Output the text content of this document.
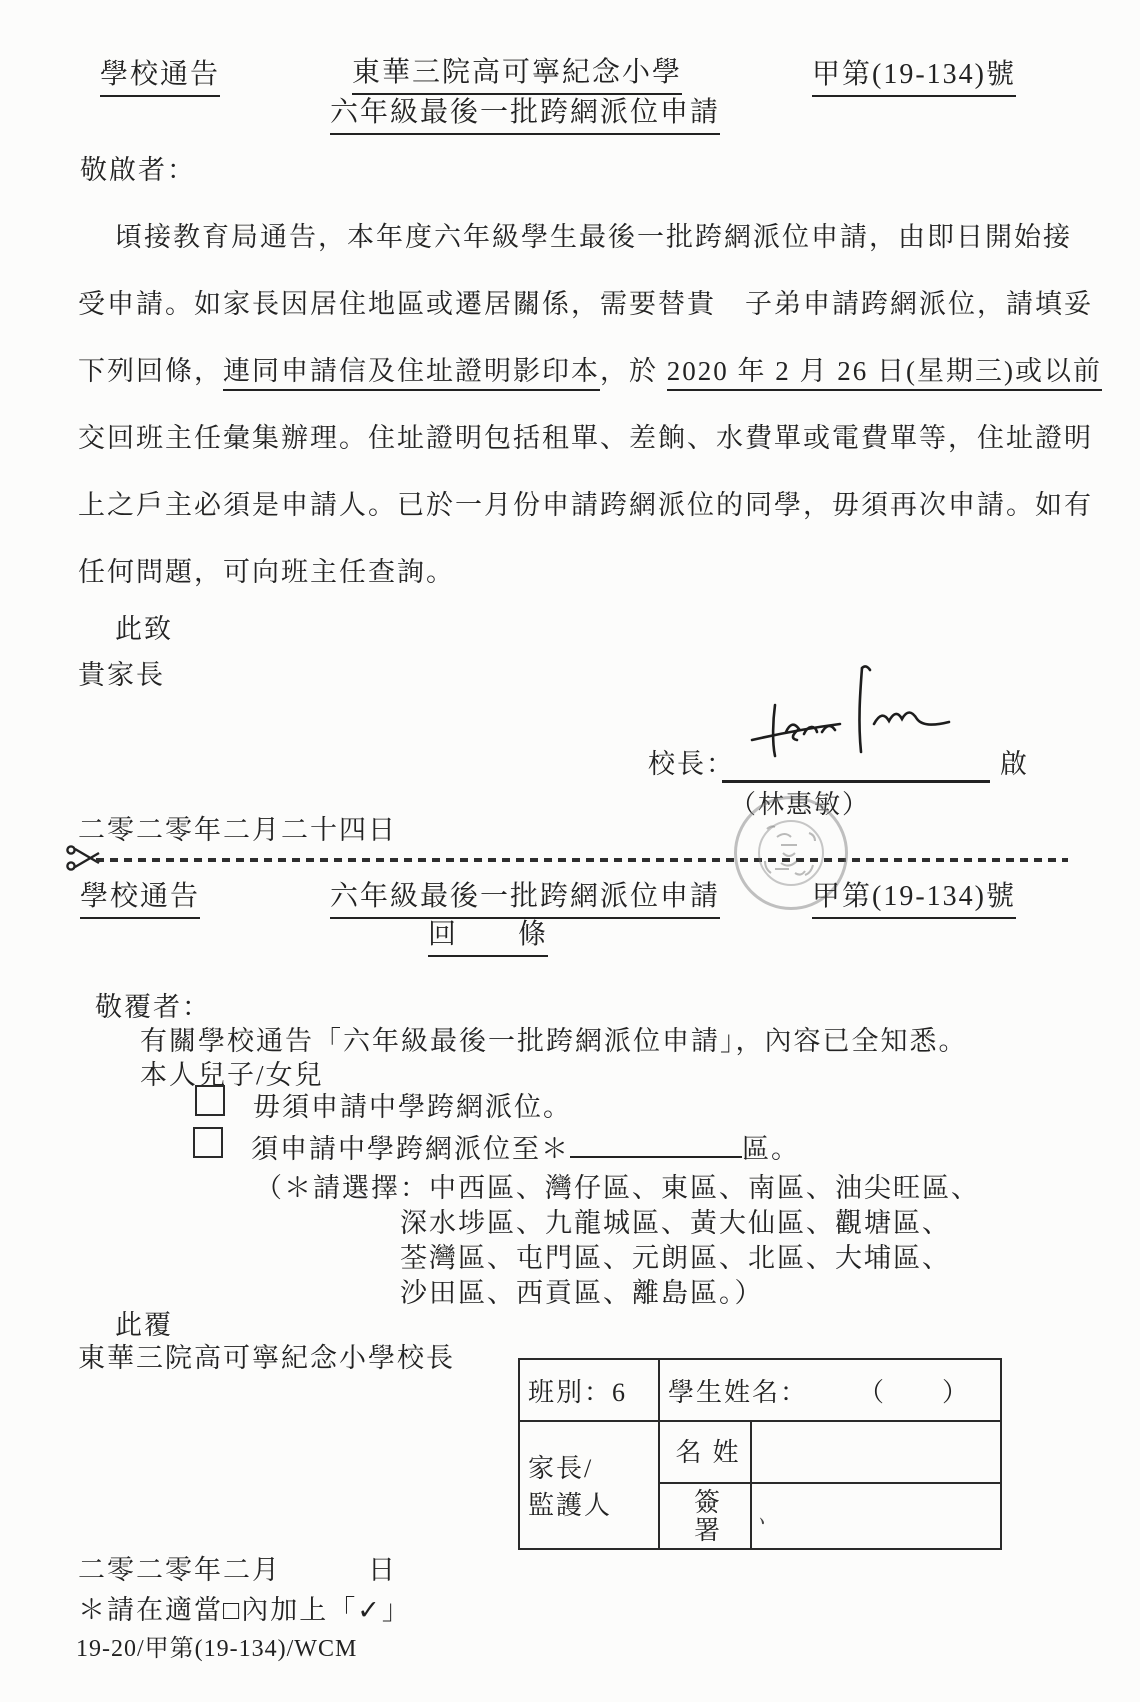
學校通告	東華三院高可寧紀念小學
六年級最後一批跨網派位申請
甲第(19-134)號
敬啟者：
頃接教育局通告，本年度六年級學生最後一批跨網派位申請，由即日開始接
受申請。如家長因居住地區或遷居關係，需要替貴　子弟申請跨網派位，請填妥
下列回條，連同申請信及住址證明影印本，於 2020 年 2 月 26 日(星期三)或以前
交回班主任彙集辦理。住址證明包括租單、差餉、水費單或電費單等，住址證明
上之戶主必須是申請人。已於一月份申請跨網派位的同學，毋須再次申請。如有
任何問題，可向班主任查詢。
此致
貴家長
校長：	啟
（林惠敏）
二零二零年二月二十四日
學校通告	六年級最後一批跨網派位申請	甲第(19-134)號
回　　條
敬覆者：
有關學校通告「六年級最後一批跨網派位申請」，內容已全知悉。
本人兒子/女兒
毋須申請中學跨網派位。
須申請中學跨網派位至＊	區。
（＊請選擇：中西區、灣仔區、東區、南區、油尖旺區、
深水埗區、九龍城區、黃大仙區、觀塘區、
荃灣區、屯門區、元朗區、北區、大埔區、
沙田區、西貢區、離島區。）
此覆
東華三院高可寧紀念小學校長
班別：6	學生姓名： （　　）	

家長/
監護人	姓名	
	簽署	、
二零二零年二月　　　日
＊請在適當□內加上「✓」
19-20/甲第(19-134)/WCM
